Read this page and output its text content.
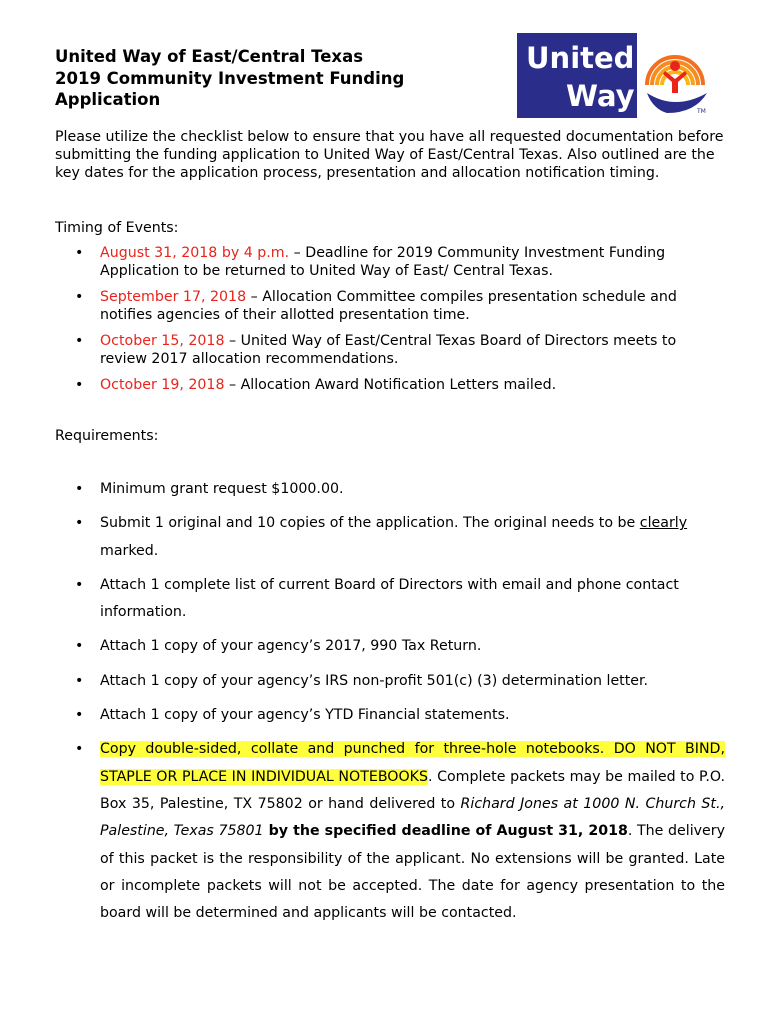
United Way of East/Central Texas
2019 Community Investment Funding
Application
United
Way	TM
Please utilize the checklist below to ensure that you have all requested documentation before submitting the funding application to United Way of East/Central Texas. Also outlined are the key dates for the application process, presentation and allocation notification timing.
Timing of Events:
• August 31, 2018 by 4 p.m. – Deadline for 2019 Community Investment Funding Application to be returned to United Way of East/ Central Texas.
• September 17, 2018 – Allocation Committee compiles presentation schedule and notifies agencies of their allotted presentation time.
• October 15, 2018 – United Way of East/Central Texas Board of Directors meets to review 2017 allocation recommendations.
• October 19, 2018 – Allocation Award Notification Letters mailed.
Requirements:
• Minimum grant request $1000.00.
• Submit 1 original and 10 copies of the application. The original needs to be clearly marked.
• Attach 1 complete list of current Board of Directors with email and phone contact information.
• Attach 1 copy of your agency’s 2017, 990 Tax Return.
• Attach 1 copy of your agency’s IRS non-profit 501(c) (3) determination letter.
• Attach 1 copy of your agency’s YTD Financial statements.
• Copy double-sided, collate and punched for three-hole notebooks. DO NOT BIND, STAPLE OR PLACE IN INDIVIDUAL NOTEBOOKS. Complete packets may be mailed to P.O. Box 35, Palestine, TX 75802 or hand delivered to Richard Jones at 1000 N. Church St., Palestine, Texas 75801 by the specified deadline of August 31, 2018. The delivery of this packet is the responsibility of the applicant. No extensions will be granted. Late or incomplete packets will not be accepted. The date for agency presentation to the board will be determined and applicants will be contacted.
